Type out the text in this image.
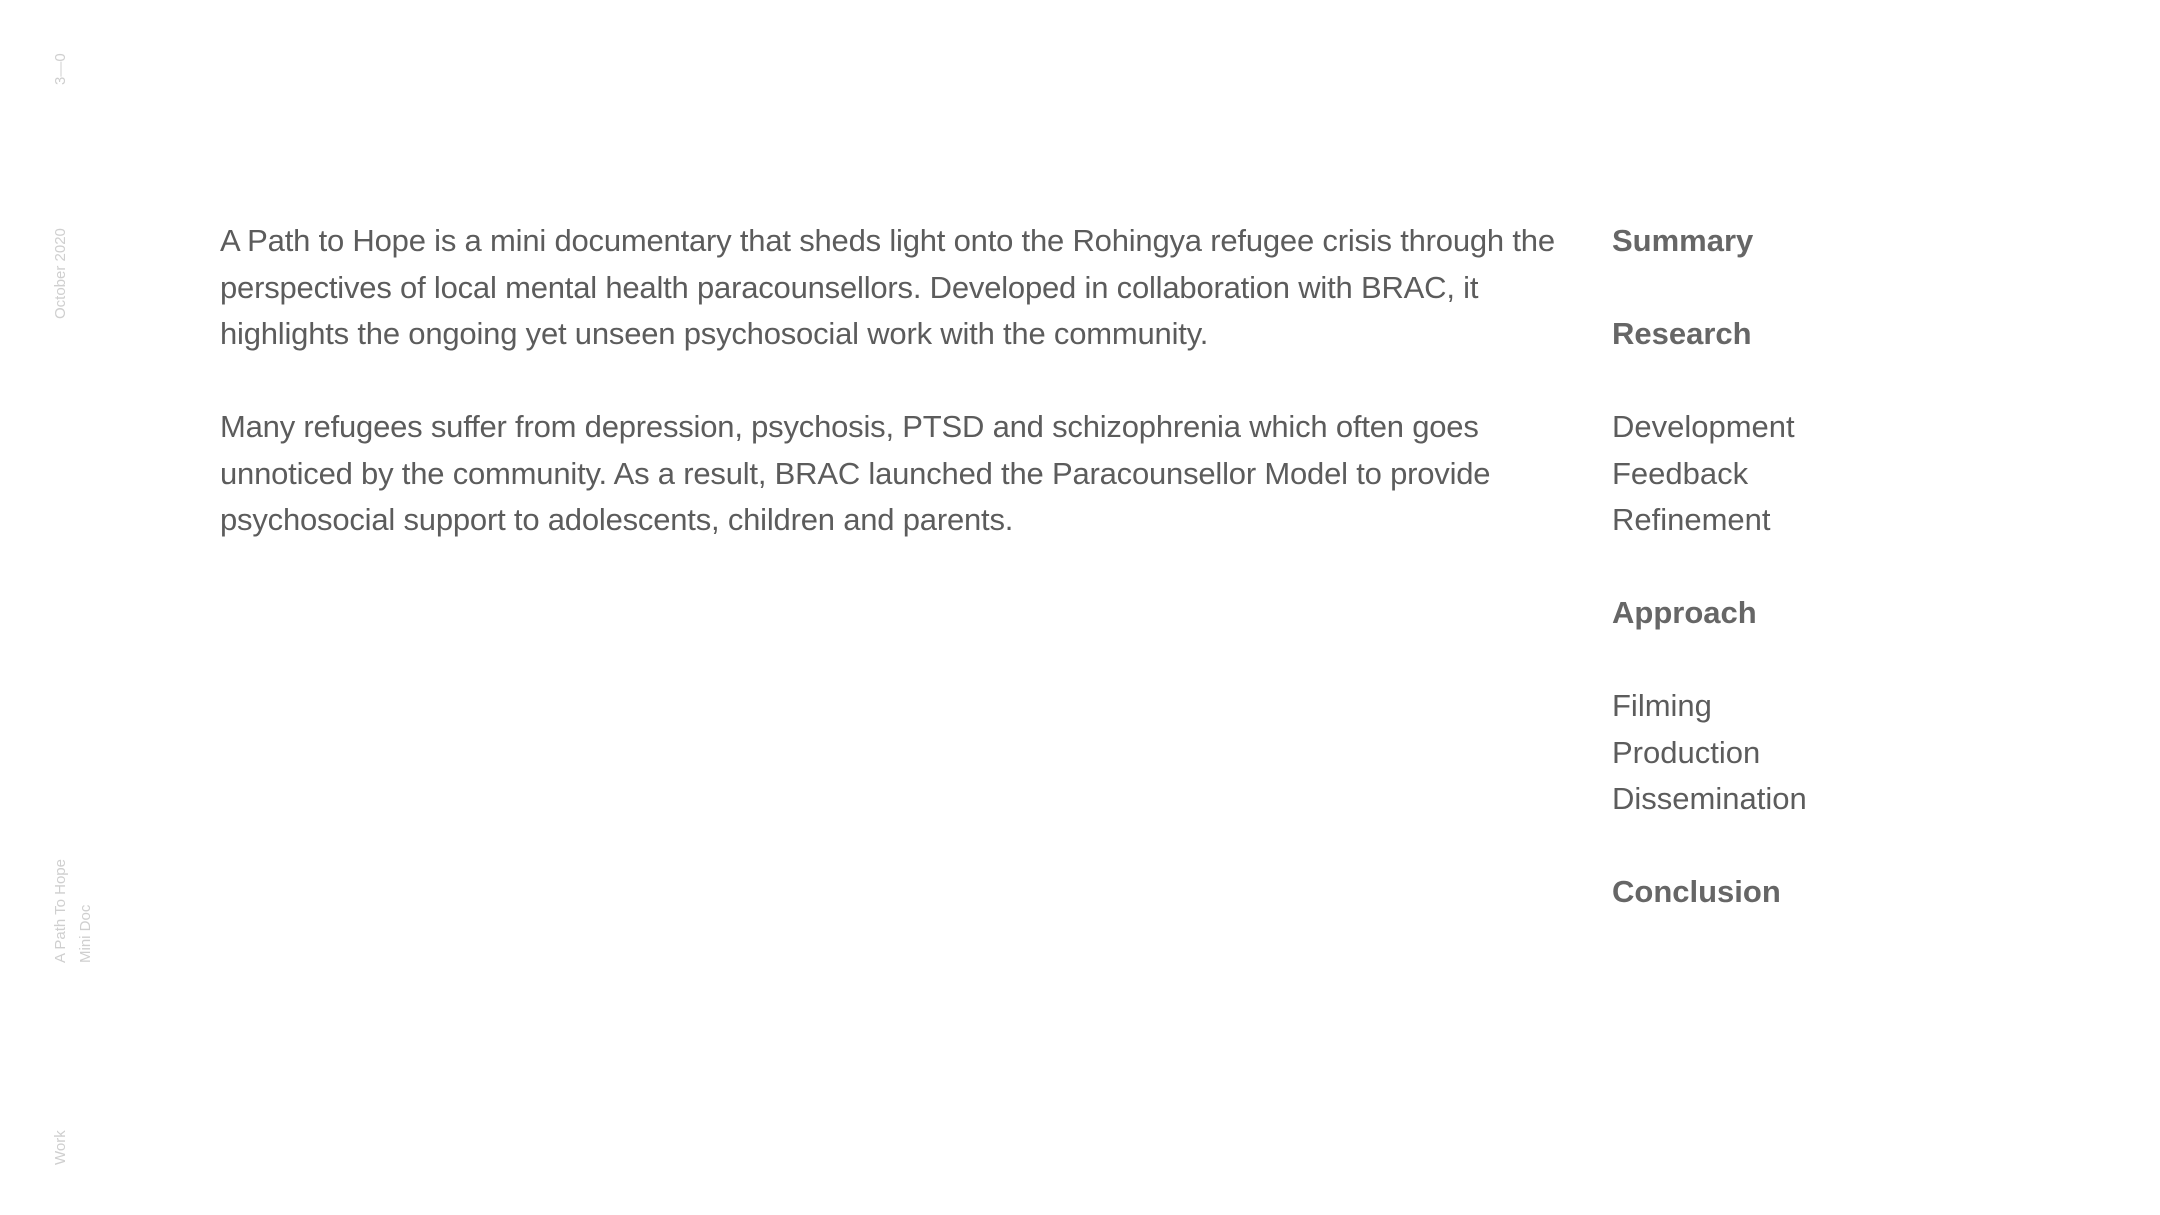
3—0
October 2020
A Path To Hope Mini Doc
Work

A Path to Hope is a mini documentary that sheds light onto the Rohingya refugee crisis through the perspectives of local mental health paracounsellors. Developed in collaboration with BRAC, it highlights the ongoing yet unseen psychosocial work with the community.

Many refugees suffer from depression, psychosis, PTSD and schizophrenia which often goes unnoticed by the community. As a result, BRAC launched the Paracounsellor Model to provide psychosocial support to adolescents, children and parents.

Summary
Research
Development
Feedback
Refinement
Approach
Filming
Production
Dissemination
Conclusion
